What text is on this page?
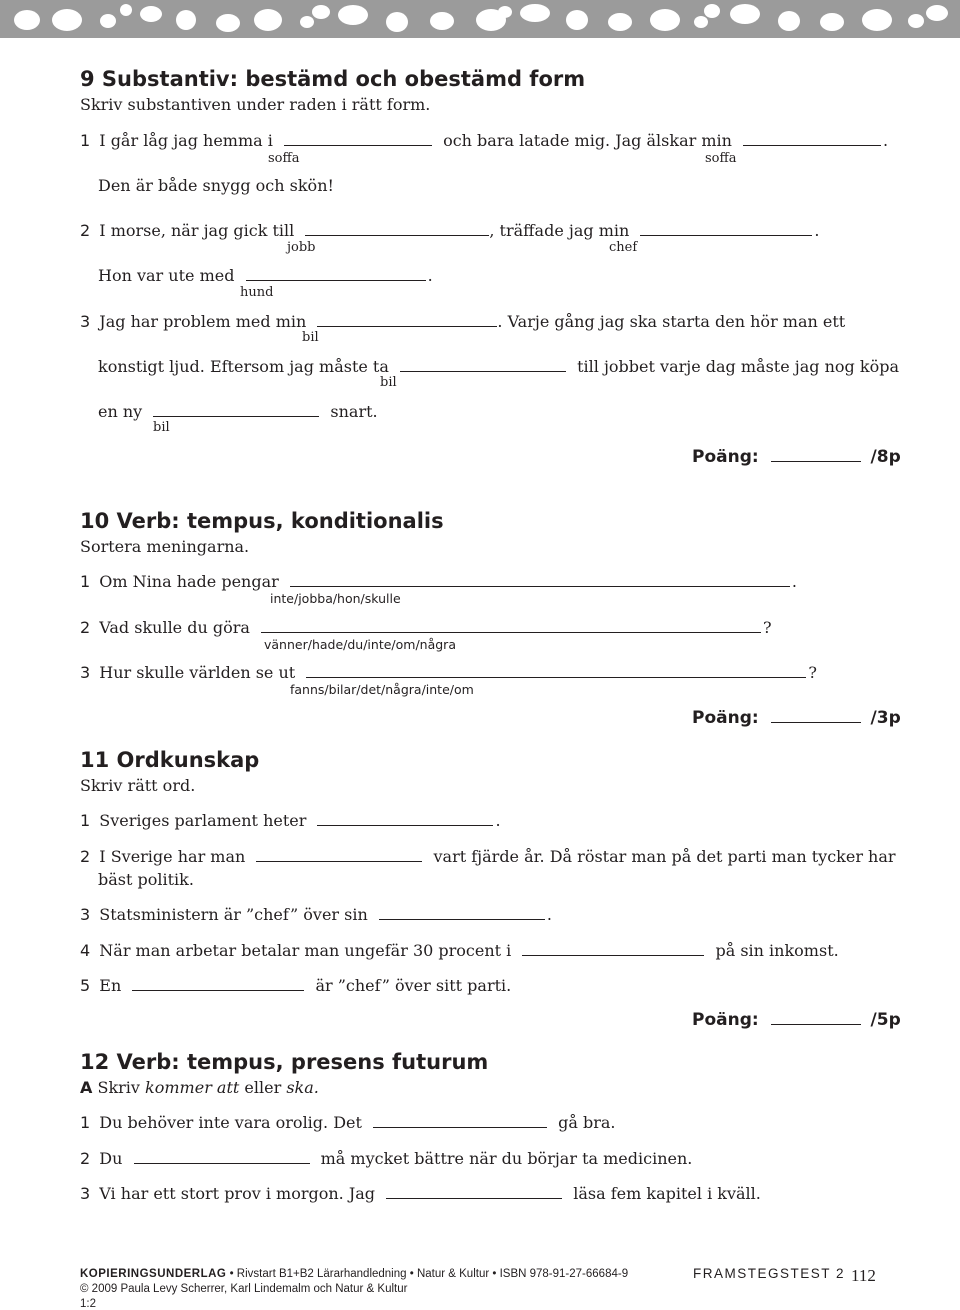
9 Substantiv: bestämd och obestämd form
Skriv substantiven under raden i rätt form.
1 I går låg jag hemma i	och bara latade mig. Jag älskar min	.
soffa	soffa
Den är både snygg och skön!
2 I morse, när jag gick till	, träffade jag min	.
jobb	chef
Hon var ute med	.
hund
3 Jag har problem med min	. Varje gång jag ska starta den hör man ett
bil
konstigt ljud. Eftersom jag måste ta	till jobbet varje dag måste jag nog köpa
bil
en ny	snart.
bil
Poäng:	/8p
10 Verb: tempus, konditionalis
Sortera meningarna.
1 Om Nina hade pengar	.
inte/jobba/hon/skulle
2 Vad skulle du göra	?
vänner/hade/du/inte/om/några
3 Hur skulle världen se ut	?
fanns/bilar/det/några/inte/om
Poäng:	/3p
11 Ordkunskap
Skriv rätt ord.
1 Sveriges parlament heter	.
2 I Sverige har man	vart fjärde år. Då röstar man på det parti man tycker har
bäst politik.
3 Statsministern är ”chef” över sin	.
4 När man arbetar betalar man ungefär 30 procent i	på sin inkomst.
5 En	är ”chef” över sitt parti.
Poäng:	/5p
12 Verb: tempus, presens futurum
A Skriv kommer att eller ska.
1 Du behöver inte vara orolig. Det	gå bra.
2 Du	må mycket bättre när du börjar ta medicinen.
3 Vi har ett stort prov i morgon. Jag	läsa fem kapitel i kväll.
KOPIERINGSUNDERLAG • Rivstart B1+B2 Lärarhandledning • Natur & Kultur • ISBN 978-91-27-66684-9
© 2009 Paula Levy Scherrer, Karl Lindemalm och Natur & Kultur
1:2
FRAMSTEGSTEST 2 112
